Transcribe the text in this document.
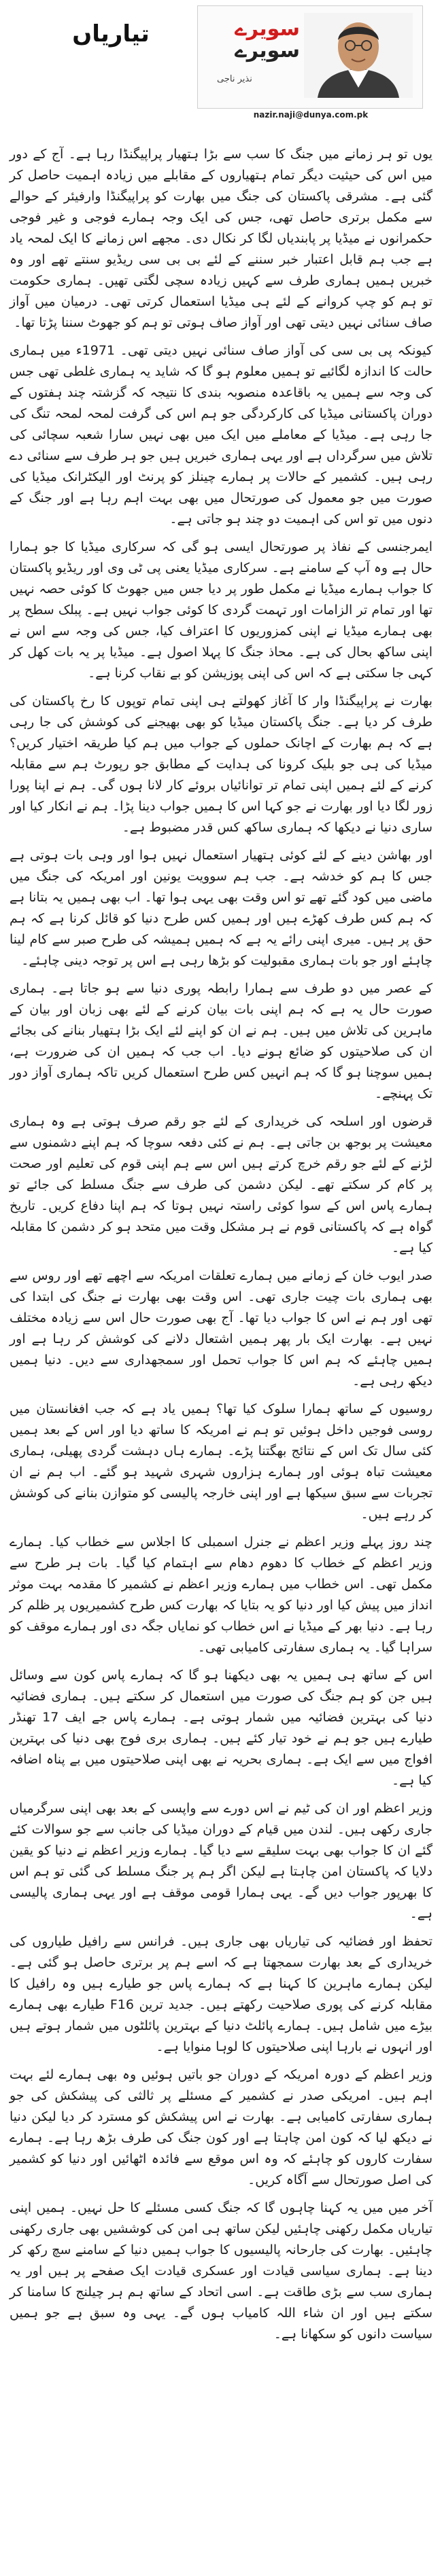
سویرے
سویرے
نذیر ناجی
nazir.naji@dunya.com.pk
تیاریاں

یوں تو ہر زمانے میں جنگ کا سب سے بڑا ہتھیار پراپیگنڈا رہا ہے۔ آج کے دور میں اس کی حیثیت دیگر تمام ہتھیاروں کے مقابلے میں زیادہ اہمیت حاصل کر گئی ہے۔ مشرقی پاکستان کی جنگ میں بھارت کو پراپیگنڈا وارفیئر کے حوالے سے مکمل برتری حاصل تھی، جس کی ایک وجہ ہمارے فوجی و غیر فوجی حکمرانوں نے میڈیا پر پابندیاں لگا کر نکال دی۔ مجھے اس زمانے کا ایک لمحہ یاد ہے جب ہم قابل اعتبار خبر سننے کے لئے بی بی سی ریڈیو سنتے تھے اور وہ خبریں ہمیں ہماری طرف سے کہیں زیادہ سچی لگتی تھیں۔ ہماری حکومت تو ہم کو چپ کروانے کے لئے ہی میڈیا استعمال کرتی تھی۔ درمیان میں آواز صاف سنائی نہیں دیتی تھی اور آواز صاف ہوتی تو ہم کو جھوٹ سننا پڑتا تھا۔

کیونکہ پی بی سی کی آواز صاف سنائی نہیں دیتی تھی۔ 1971ء میں ہماری حالت کا اندازہ لگائیے تو ہمیں معلوم ہو گا کہ شاید یہ ہماری غلطی تھی جس کی وجہ سے ہمیں یہ باقاعدہ منصوبہ بندی کا نتیجہ کہ گزشتہ چند ہفتوں کے دوران پاکستانی میڈیا کی کارکردگی جو ہم اس کی گرفت لمحہ لمحہ تنگ کی جا رہی ہے۔ میڈیا کے معاملے میں ایک میں بھی نہیں سارا شعبہ سچائی کی تلاش میں سرگرداں ہے اور یہی ہماری خبریں ہیں جو ہر طرف سے سنائی دے رہی ہیں۔ کشمیر کے حالات پر ہمارے چینلز کو پرنٹ اور الیکٹرانک میڈیا کی صورت میں جو معمول کی صورتحال میں بھی بہت اہم رہا ہے اور جنگ کے دنوں میں تو اس کی اہمیت دو چند ہو جاتی ہے۔

ایمرجنسی کے نفاذ پر صورتحال ایسی ہو گی کہ سرکاری میڈیا کا جو ہمارا حال ہے وہ آپ کے سامنے ہے۔ سرکاری میڈیا یعنی پی ٹی وی اور ریڈیو پاکستان کا جواب ہمارے میڈیا نے مکمل طور پر دیا جس میں جھوٹ کا کوئی حصہ نہیں تھا اور تمام تر الزامات اور تہمت گردی کا کوئی جواب نہیں ہے۔ پبلک سطح پر بھی ہمارے میڈیا نے اپنی کمزوریوں کا اعتراف کیا، جس کی وجہ سے اس نے اپنی ساکھ بحال کی ہے۔ محاذ جنگ کا پہلا اصول ہے۔ میڈیا پر یہ بات کھل کر کہی جا سکتی ہے کہ اس کی اپنی پوزیشن کو بے نقاب کرنا ہے۔

بھارت نے پراپیگنڈا وار کا آغاز کھولتے ہی اپنی تمام توپوں کا رخ پاکستان کی طرف کر دیا ہے۔ جنگ پاکستان میڈیا کو بھی بھیجنے کی کوشش کی جا رہی ہے کہ ہم بھارت کے اچانک حملوں کے جواب میں ہم کیا طریقہ اختیار کریں؟ میڈیا کی ہی جو بلیک کرونا کی ہدایت کے مطابق جو رپورٹ ہم سے مقابلہ کرنے کے لئے ہمیں اپنی تمام تر توانائیاں بروئے کار لانا ہوں گی۔ ہم نے اپنا پورا زور لگا دیا اور بھارت نے جو کہا اس کا ہمیں جواب دینا پڑا۔ ہم نے انکار کیا اور ساری دنیا نے دیکھا کہ ہماری ساکھ کس قدر مضبوط ہے۔

اور بھاشن دینے کے لئے کوئی ہتھیار استعمال نہیں ہوا اور وہی بات ہوتی ہے جس کا ہم کو خدشہ ہے۔ جب ہم سوویت یونین اور امریکہ کی جنگ میں ماضی میں کود گئے تھے تو اس وقت بھی یہی ہوا تھا۔ اب بھی ہمیں یہ بتانا ہے کہ ہم کس طرف کھڑے ہیں اور ہمیں کس طرح دنیا کو قائل کرنا ہے کہ ہم حق پر ہیں۔ میری اپنی رائے یہ ہے کہ ہمیں ہمیشہ کی طرح صبر سے کام لینا چاہئے اور جو بات ہماری مقبولیت کو بڑھا رہی ہے اس پر توجہ دینی چاہئے۔

کے عصر میں دو طرف سے ہمارا رابطہ پوری دنیا سے ہو جاتا ہے۔ ہماری صورت حال یہ ہے کہ ہم اپنی بات بیان کرنے کے لئے بھی زبان اور بیان کے ماہرین کی تلاش میں ہیں۔ ہم نے ان کو اپنے لئے ایک بڑا ہتھیار بنانے کی بجائے ان کی صلاحیتوں کو ضائع ہونے دیا۔ اب جب کہ ہمیں ان کی ضرورت ہے، ہمیں سوچنا ہو گا کہ ہم انہیں کس طرح استعمال کریں تاکہ ہماری آواز دور تک پہنچے۔

قرضوں اور اسلحہ کی خریداری کے لئے جو رقم صرف ہوتی ہے وہ ہماری معیشت پر بوجھ بن جاتی ہے۔ ہم نے کئی دفعہ سوچا کہ ہم اپنے دشمنوں سے لڑنے کے لئے جو رقم خرچ کرتے ہیں اس سے ہم اپنی قوم کی تعلیم اور صحت پر کام کر سکتے تھے۔ لیکن دشمن کی طرف سے جنگ مسلط کی جائے تو ہمارے پاس اس کے سوا کوئی راستہ نہیں ہوتا کہ ہم اپنا دفاع کریں۔ تاریخ گواہ ہے کہ پاکستانی قوم نے ہر مشکل وقت میں متحد ہو کر دشمن کا مقابلہ کیا ہے۔

صدر ایوب خان کے زمانے میں ہمارے تعلقات امریکہ سے اچھے تھے اور روس سے بھی ہماری بات چیت جاری تھی۔ اس وقت بھی بھارت نے جنگ کی ابتدا کی تھی اور ہم نے اس کا جواب دیا تھا۔ آج بھی صورت حال اس سے زیادہ مختلف نہیں ہے۔ بھارت ایک بار پھر ہمیں اشتعال دلانے کی کوشش کر رہا ہے اور ہمیں چاہئے کہ ہم اس کا جواب تحمل اور سمجھداری سے دیں۔ دنیا ہمیں دیکھ رہی ہے۔

روسیوں کے ساتھ ہمارا سلوک کیا تھا؟ ہمیں یاد ہے کہ جب افغانستان میں روسی فوجیں داخل ہوئیں تو ہم نے امریکہ کا ساتھ دیا اور اس کے بعد ہمیں کئی سال تک اس کے نتائج بھگتنا پڑے۔ ہمارے ہاں دہشت گردی پھیلی، ہماری معیشت تباہ ہوئی اور ہمارے ہزاروں شہری شہید ہو گئے۔ اب ہم نے ان تجربات سے سبق سیکھا ہے اور اپنی خارجہ پالیسی کو متوازن بنانے کی کوشش کر رہے ہیں۔

چند روز پہلے وزیر اعظم نے جنرل اسمبلی کا اجلاس سے خطاب کیا۔ ہمارے وزیر اعظم کے خطاب کا دھوم دھام سے اہتمام کیا گیا۔ بات ہر طرح سے مکمل تھی۔ اس خطاب میں ہمارے وزیر اعظم نے کشمیر کا مقدمہ بہت موثر انداز میں پیش کیا اور دنیا کو یہ بتایا کہ بھارت کس طرح کشمیریوں پر ظلم کر رہا ہے۔ دنیا بھر کے میڈیا نے اس خطاب کو نمایاں جگہ دی اور ہمارے موقف کو سراہا گیا۔ یہ ہماری سفارتی کامیابی تھی۔

اس کے ساتھ ہی ہمیں یہ بھی دیکھنا ہو گا کہ ہمارے پاس کون سے وسائل ہیں جن کو ہم جنگ کی صورت میں استعمال کر سکتے ہیں۔ ہماری فضائیہ دنیا کی بہترین فضائیہ میں شمار ہوتی ہے۔ ہمارے پاس جے ایف 17 تھنڈر طیارے ہیں جو ہم نے خود تیار کئے ہیں۔ ہماری بری فوج بھی دنیا کی بہترین افواج میں سے ایک ہے۔ ہماری بحریہ نے بھی اپنی صلاحیتوں میں بے پناہ اضافہ کیا ہے۔

وزیر اعظم اور ان کی ٹیم نے اس دورے سے واپسی کے بعد بھی اپنی سرگرمیاں جاری رکھی ہیں۔ لندن میں قیام کے دوران میڈیا کی جانب سے جو سوالات کئے گئے ان کا جواب بھی بہت سلیقے سے دیا گیا۔ ہمارے وزیر اعظم نے دنیا کو یقین دلایا کہ پاکستان امن چاہتا ہے لیکن اگر ہم پر جنگ مسلط کی گئی تو ہم اس کا بھرپور جواب دیں گے۔ یہی ہمارا قومی موقف ہے اور یہی ہماری پالیسی ہے۔

تحفظ اور فضائیہ کی تیاریاں بھی جاری ہیں۔ فرانس سے رافیل طیاروں کی خریداری کے بعد بھارت سمجھتا ہے کہ اسے ہم پر برتری حاصل ہو گئی ہے۔ لیکن ہمارے ماہرین کا کہنا ہے کہ ہمارے پاس جو طیارے ہیں وہ رافیل کا مقابلہ کرنے کی پوری صلاحیت رکھتے ہیں۔ جدید ترین F16 طیارے بھی ہمارے بیڑے میں شامل ہیں۔ ہمارے پائلٹ دنیا کے بہترین پائلٹوں میں شمار ہوتے ہیں اور انہوں نے بارہا اپنی صلاحیتوں کا لوہا منوایا ہے۔

وزیر اعظم کے دورہ امریکہ کے دوران جو باتیں ہوئیں وہ بھی ہمارے لئے بہت اہم ہیں۔ امریکی صدر نے کشمیر کے مسئلے پر ثالثی کی پیشکش کی جو ہماری سفارتی کامیابی ہے۔ بھارت نے اس پیشکش کو مسترد کر دیا لیکن دنیا نے دیکھ لیا کہ کون امن چاہتا ہے اور کون جنگ کی طرف بڑھ رہا ہے۔ ہمارے سفارت کاروں کو چاہئے کہ وہ اس موقع سے فائدہ اٹھائیں اور دنیا کو کشمیر کی اصل صورتحال سے آگاہ کریں۔

آخر میں میں یہ کہنا چاہوں گا کہ جنگ کسی مسئلے کا حل نہیں۔ ہمیں اپنی تیاریاں مکمل رکھنی چاہئیں لیکن ساتھ ہی امن کی کوششیں بھی جاری رکھنی چاہئیں۔ بھارت کی جارحانہ پالیسیوں کا جواب ہمیں دنیا کے سامنے سچ رکھ کر دینا ہے۔ ہماری سیاسی قیادت اور عسکری قیادت ایک صفحے پر ہیں اور یہ ہماری سب سے بڑی طاقت ہے۔ اسی اتحاد کے ساتھ ہم ہر چیلنج کا سامنا کر سکتے ہیں اور ان شاء اللہ کامیاب ہوں گے۔ یہی وہ سبق ہے جو ہمیں سیاست دانوں کو سکھانا ہے۔
